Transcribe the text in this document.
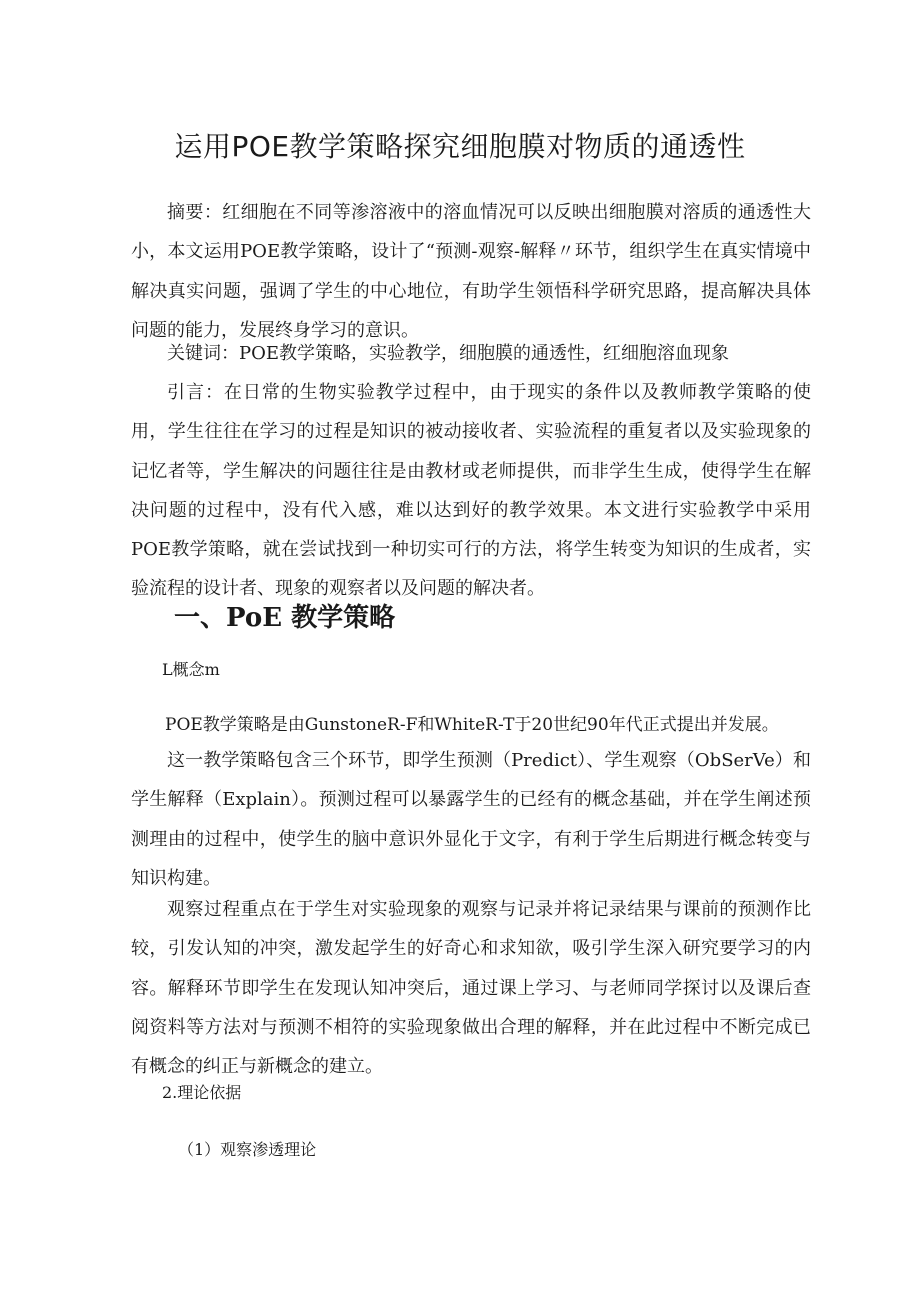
运用POE教学策略探究细胞膜对物质的通透性

摘要：红细胞在不同等渗溶液中的溶血情况可以反映出细胞膜对溶质的通透性大小，本文运用POE教学策略，设计了“预测-观察-解释〃环节，组织学生在真实情境中解决真实问题，强调了学生的中心地位，有助学生领悟科学研究思路，提高解决具体问题的能力，发展终身学习的意识。

关键词：POE教学策略，实验教学，细胞膜的通透性，红细胞溶血现象

引言：在日常的生物实验教学过程中，由于现实的条件以及教师教学策略的使用，学生往往在学习的过程是知识的被动接收者、实验流程的重复者以及实验现象的记忆者等，学生解决的问题往往是由教材或老师提供，而非学生生成，使得学生在解决问题的过程中，没有代入感，难以达到好的教学效果。本文进行实验教学中采用POE教学策略，就在尝试找到一种切实可行的方法，将学生转变为知识的生成者，实验流程的设计者、现象的观察者以及问题的解决者。

一、PoE 教学策略

L概念m

POE教学策略是由GunstoneR-F和WhiteR-T于20世纪90年代正式提出并发展。

这一教学策略包含三个环节，即学生预测（Predict）、学生观察（ObSerVe）和学生解释（Explain）。预测过程可以暴露学生的已经有的概念基础，并在学生阐述预测理由的过程中，使学生的脑中意识外显化于文字，有利于学生后期进行概念转变与知识构建。

观察过程重点在于学生对实验现象的观察与记录并将记录结果与课前的预测作比较，引发认知的冲突，激发起学生的好奇心和求知欲，吸引学生深入研究要学习的内容。解释环节即学生在发现认知冲突后，通过课上学习、与老师同学探讨以及课后查阅资料等方法对与预测不相符的实验现象做出合理的解释，并在此过程中不断完成已有概念的纠正与新概念的建立。

2.理论依据

（1）观察渗透理论
